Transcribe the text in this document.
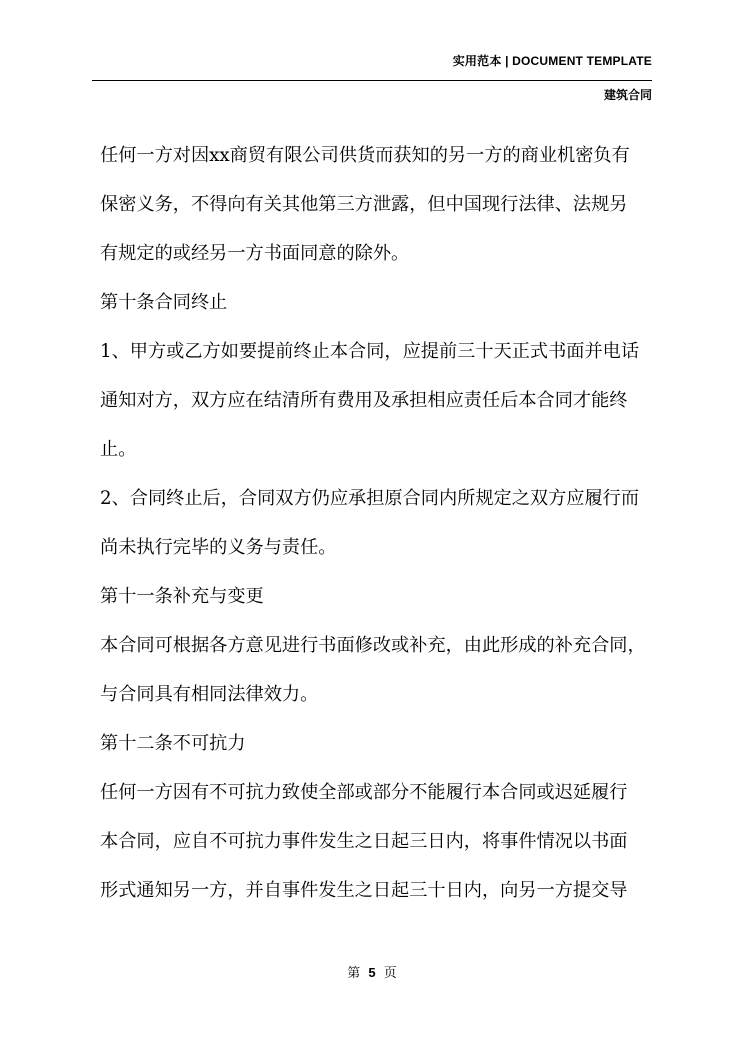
实用范本 | DOCUMENT TEMPLATE
建筑合同
任何一方对因xx商贸有限公司供货而获知的另一方的商业机密负有
保密义务，不得向有关其他第三方泄露，但中国现行法律、法规另
有规定的或经另一方书面同意的除外。
第十条合同终止
1、甲方或乙方如要提前终止本合同，应提前三十天正式书面并电话
通知对方，双方应在结清所有费用及承担相应责任后本合同才能终
止。
2、合同终止后，合同双方仍应承担原合同内所规定之双方应履行而
尚未执行完毕的义务与责任。
第十一条补充与变更
本合同可根据各方意见进行书面修改或补充，由此形成的补充合同，
与合同具有相同法律效力。
第十二条不可抗力
任何一方因有不可抗力致使全部或部分不能履行本合同或迟延履行
本合同，应自不可抗力事件发生之日起三日内，将事件情况以书面
形式通知另一方，并自事件发生之日起三十日内，向另一方提交导
第 5 页
